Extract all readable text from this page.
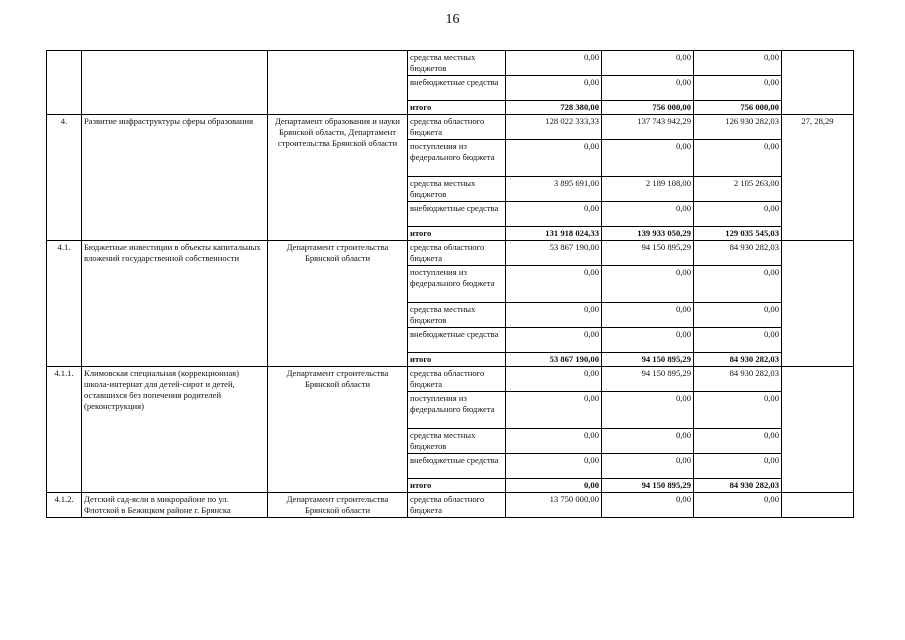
16
			средства местных бюджетов	0,00	0,00	0,00	
			внебюджетные средства	0,00	0,00	0,00	
			итого	728 380,00	756 000,00	756 000,00	
4.	Развитие инфраструктуры сферы образования	Департамент образования и науки Брянской области, Департамент строительства Брянской области	средства областного бюджета	128 022 333,33	137 743 942,29	126 930 282,03	27, 28,29
			поступления из федерального бюджета	0,00	0,00	0,00	
			средства местных бюджетов	3 895 691,00	2 189 108,00	2 105 263,00	
			внебюджетные средства	0,00	0,00	0,00	
			итого	131 918 024,33	139 933 050,29	129 035 545,03	
4.1.	Бюджетные инвестиции в объекты капитальных вложений государственной собственности	Департамент строительства Брянской области	средства областного бюджета	53 867 190,00	94 150 895,29	84 930 282,03	
			поступления из федерального бюджета	0,00	0,00	0,00	
			средства местных бюджетов	0,00	0,00	0,00	
			внебюджетные средства	0,00	0,00	0,00	
			итого	53 867 190,00	94 150 895,29	84 930 282,03	
4.1.1.	Климовская специальная (коррекционная) школа-интернат для детей-сирот и детей, оставшихся без попечения родителей (реконструкция)	Департамент строительства Брянской области	средства областного бюджета	0,00	94 150 895,29	84 930 282,03	
			поступления из федерального бюджета	0,00	0,00	0,00	
			средства местных бюджетов	0,00	0,00	0,00	
			внебюджетные средства	0,00	0,00	0,00	
			итого	0,00	94 150 895,29	84 930 282,03	
4.1.2.	Детский сад-ясли в микрорайоне по ул. Флотской в Бежицком районе г. Брянска	Департамент строительства Брянской области	средства областного бюджета	13 750 000,00	0,00	0,00	
